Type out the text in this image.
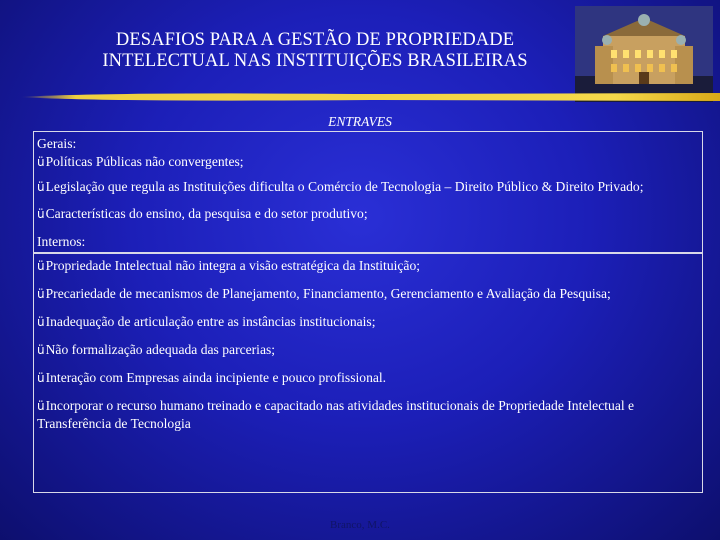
DESAFIOS PARA A GESTÃO DE PROPRIEDADE
INTELECTUAL NAS INSTITUIÇÕES BRASILEIRAS
ENTRAVES
Gerais:

üPolíticas Públicas não convergentes;

üLegislação que regula as Instituições dificulta o Comércio de Tecnologia – Direito Público & Direito Privado;

üCaracterísticas do ensino, da pesquisa e do setor produtivo;

Internos:

üPropriedade Intelectual não integra a visão estratégica da Instituição;

üPrecariedade de mecanismos de Planejamento, Financiamento, Gerenciamento e Avaliação da Pesquisa;

üInadequação de articulação entre as instâncias institucionais;

üNão formalização adequada das parcerias;

üInteração com Empresas ainda incipiente e pouco profissional.

üIncorporar o recurso humano treinado e capacitado nas atividades institucionais de Propriedade Intelectual e Transferência de Tecnologia

Branco, M.C.
